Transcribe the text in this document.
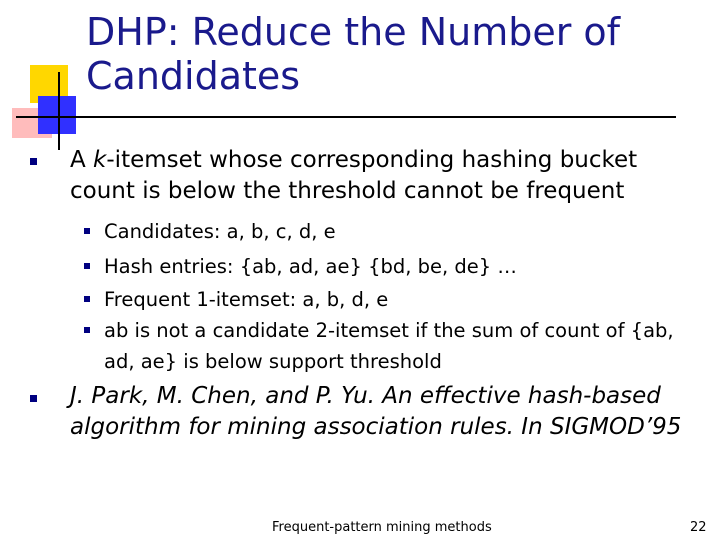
DHP: Reduce the Number of Candidates

A k-itemset whose corresponding hashing bucket count is below the threshold cannot be frequent

Candidates: a, b, c, d, e

Hash entries: {ab, ad, ae} {bd, be, de} …

Frequent 1-itemset: a, b, d, e

ab is not a candidate 2-itemset if the sum of count of {ab, ad, ae} is below support threshold

J. Park, M. Chen, and P. Yu. An effective hash-based algorithm for mining association rules. In SIGMOD’95

Frequent-pattern mining methods	22
